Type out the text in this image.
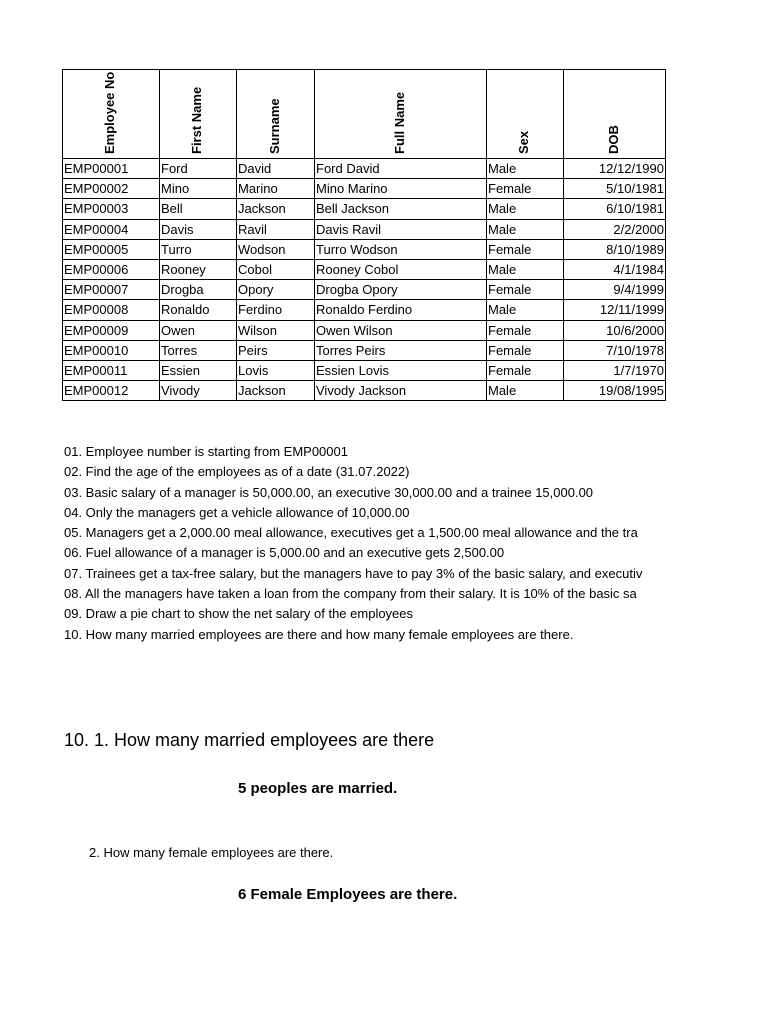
Employee No	First Name	Surname	Full Name	Sex	DOB

EMP00001	Ford	David	Ford David	Male	12/12/1990
EMP00002	Mino	Marino	Mino Marino	Female	5/10/1981
EMP00003	Bell	Jackson	Bell Jackson	Male	6/10/1981
EMP00004	Davis	Ravil	Davis Ravil	Male	2/2/2000
EMP00005	Turro	Wodson	Turro Wodson	Female	8/10/1989
EMP00006	Rooney	Cobol	Rooney Cobol	Male	4/1/1984
EMP00007	Drogba	Opory	Drogba Opory	Female	9/4/1999
EMP00008	Ronaldo	Ferdino	Ronaldo Ferdino	Male	12/11/1999
EMP00009	Owen	Wilson	Owen Wilson	Female	10/6/2000
EMP00010	Torres	Peirs	Torres Peirs	Female	7/10/1978
EMP00011	Essien	Lovis	Essien Lovis	Female	1/7/1970
EMP00012	Vivody	Jackson	Vivody Jackson	Male	19/08/1995
01. Employee number is starting from EMP00001
02. Find the age of the employees as of a date (31.07.2022)
03. Basic salary of a manager is 50,000.00, an executive 30,000.00 and a trainee 15,000.00
04. Only the managers get a vehicle allowance of 10,000.00
05. Managers get a 2,000.00 meal allowance, executives get a 1,500.00 meal allowance and the tra
06. Fuel allowance of a manager is 5,000.00 and an executive gets 2,500.00
07. Trainees get a tax-free salary, but the managers have to pay 3% of the basic salary, and executiv
08. All the managers have taken a loan from the company from their salary. It is 10% of the basic sa
09. Draw a pie chart to show the net salary of the employees
10. How many married employees are there and how many female employees are there.
10. 1. How many married employees are there
5 peoples are married.
2. How many female employees are there.
6 Female Employees are there.
